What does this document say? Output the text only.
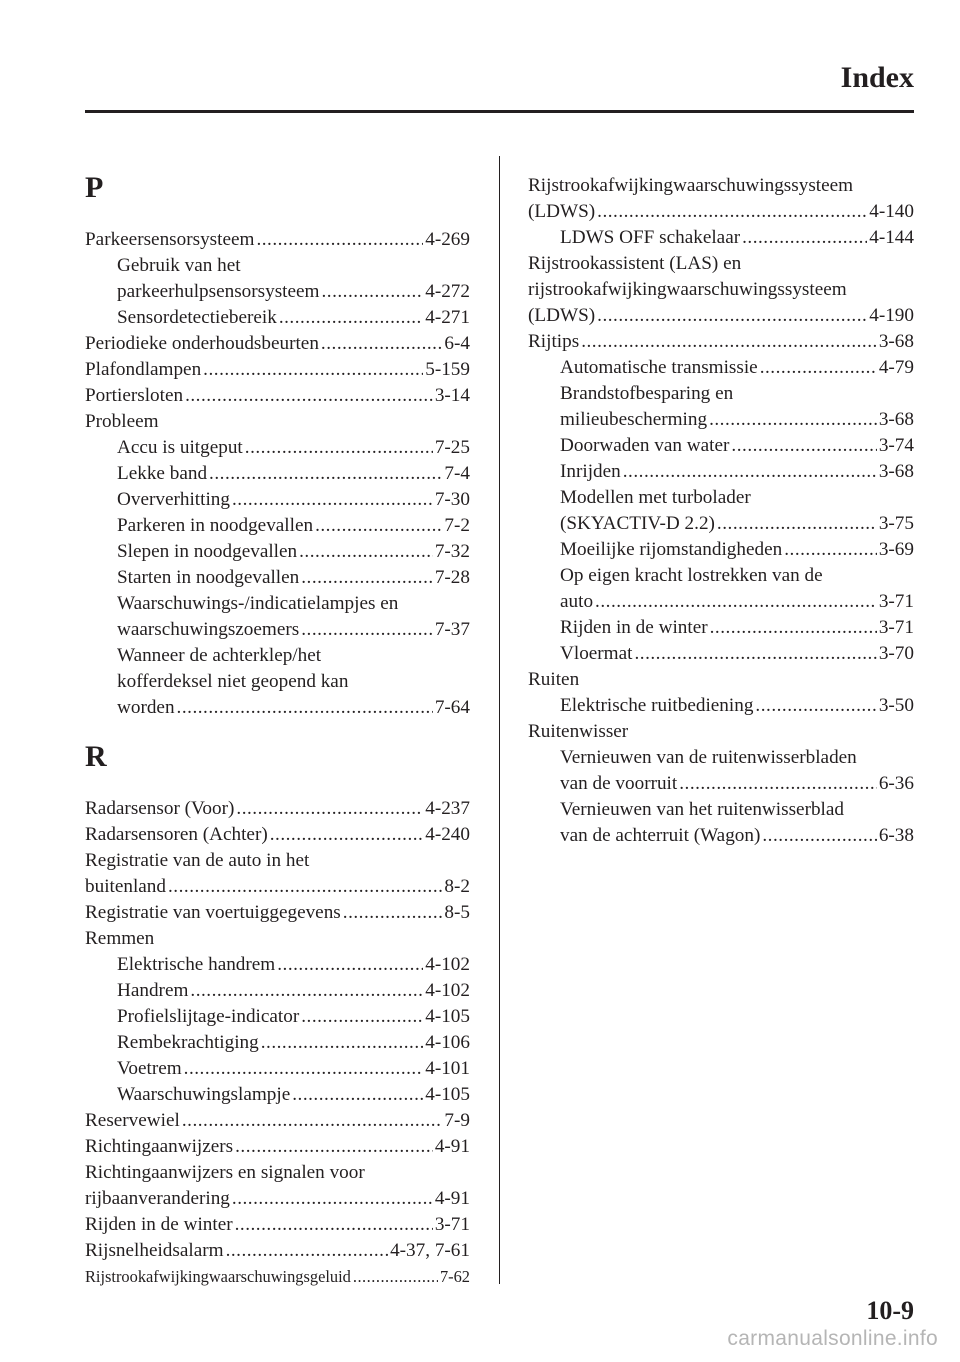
Index
P
Parkeersensorsysteem .....	4-269
Gebruik van het
parkeerhulpsensorsysteem .....	4-272
Sensordetectiebereik .....	4-271
Periodieke onderhoudsbeurten .....	6-4
Plafondlampen .....	5-159
Portiersloten .....	3-14
Probleem
Accu is uitgeput .....	7-25
Lekke band .....	7-4
Oververhitting .....	7-30
Parkeren in noodgevallen .....	7-2
Slepen in noodgevallen .....	7-32
Starten in noodgevallen .....	7-28
Waarschuwings-/indicatielampjes en
waarschuwingszoemers .....	7-37
Wanneer de achterklep/het
kofferdeksel niet geopend kan
worden .....	7-64
R
Radarsensor (Voor) .....	4-237
Radarsensoren (Achter) .....	4-240
Registratie van de auto in het
buitenland .....	8-2
Registratie van voertuiggegevens .....	8-5
Remmen
Elektrische handrem .....	4-102
Handrem .....	4-102
Profielslijtage-indicator .....	4-105
Rembekrachtiging .....	4-106
Voetrem .....	4-101
Waarschuwingslampje .....	4-105
Reservewiel .....	7-9
Richtingaanwijzers .....	4-91
Richtingaanwijzers en signalen voor
rijbaanverandering .....	4-91
Rijden in de winter .....	3-71
Rijsnelheidsalarm .....	4-37, 7-61
Rijstrookafwijkingwaarschuwingsgeluid .....	7-62
Rijstrookafwijkingwaarschuwingssysteem
(LDWS) .....	4-140
LDWS OFF schakelaar .....	4-144
Rijstrookassistent (LAS) en
rijstrookafwijkingwaarschuwingssysteem
(LDWS) .....	4-190
Rijtips .....	3-68
Automatische transmissie .....	4-79
Brandstofbesparing en
milieubescherming .....	3-68
Doorwaden van water .....	3-74
Inrijden .....	3-68
Modellen met turbolader
(SKYACTIV-D 2.2) .....	3-75
Moeilijke rijomstandigheden .....	3-69
Op eigen kracht lostrekken van de
auto .....	3-71
Rijden in de winter .....	3-71
Vloermat .....	3-70
Ruiten
Elektrische ruitbediening .....	3-50
Ruitenwisser
Vernieuwen van de ruitenwisserbladen
van de voorruit .....	6-36
Vernieuwen van het ruitenwisserblad
van de achterruit (Wagon) .....	6-38
10-9
carmanualsonline.info
